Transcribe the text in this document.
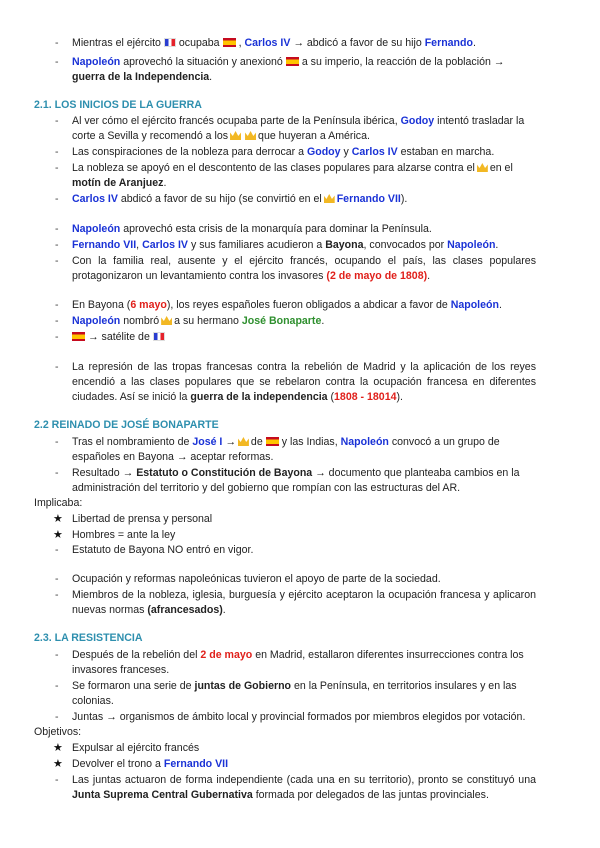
- Mientras el ejército ocupaba , Carlos IV → abdicó a favor de su hijo Fernando.
- Napoleón aprovechó la situación y anexionó a su imperio, la reacción de la población →
guerra de la Independencia.
2.1. LOS INICIOS DE LA GUERRA
- Al ver cómo el ejército francés ocupaba parte de la Península ibérica, Godoy intentó trasladar la
corte a Sevilla y recomendó a los	que huyeran a América.
- Las conspiraciones de la nobleza para derrocar a Godoy y Carlos IV estaban en marcha.
- La nobleza se apoyó en el descontento de las clases populares para alzarse contra el en el
motín de Aranjuez.
- Carlos IV abdicó a favor de su hijo (se convirtió en el Fernando VII).
- Napoleón aprovechó esta crisis de la monarquía para dominar la Península.
- Fernando VII, Carlos IV y sus familiares acudieron a Bayona, convocados por Napoleón.
- Con la familia real, ausente y el ejército francés, ocupando el país, las clases populares
protagonizaron un levantamiento contra los invasores (2 de mayo de 1808).
- En Bayona (6 mayo), los reyes españoles fueron obligados a abdicar a favor de Napoleón.
- Napoleón nombró a su hermano José Bonaparte.
-	→ satélite de
- La represión de las tropas francesas contra la rebelión de Madrid y la aplicación de los reyes
encendió a las clases populares que se rebelaron contra la ocupación francesa en diferentes
ciudades. Así se inició la guerra de la independencia (1808 - 18014).
2.2 REINADO DE JOSÉ BONAPARTE
- Tras el nombramiento de José I → de y las Indias, Napoleón convocó a un grupo de
españoles en Bayona → aceptar reformas.
- Resultado → Estatuto o Constitución de Bayona → documento que planteaba cambios en la
administración del territorio y del gobierno que rompían con las estructuras del AR.
Implicaba:
★ Libertad de prensa y personal
★ Hombres = ante la ley
- Estatuto de Bayona NO entró en vigor.
- Ocupación y reformas napoleónicas tuvieron el apoyo de parte de la sociedad.
- Miembros de la nobleza, iglesia, burguesía y ejército aceptaron la ocupación francesa y aplicaron
nuevas normas (afrancesados).
2.3. LA RESISTENCIA
- Después de la rebelión del 2 de mayo en Madrid, estallaron diferentes insurrecciones contra los
invasores franceses.
- Se formaron una serie de juntas de Gobierno en la Península, en territorios insulares y en las
colonias.
- Juntas → organismos de ámbito local y provincial formados por miembros elegidos por votación.
Objetivos:
★ Expulsar al ejército francés
★ Devolver el trono a Fernando VII
- Las juntas actuaron de forma independiente (cada una en su territorio), pronto se constituyó una
Junta Suprema Central Gubernativa formada por delegados de las juntas provinciales.
